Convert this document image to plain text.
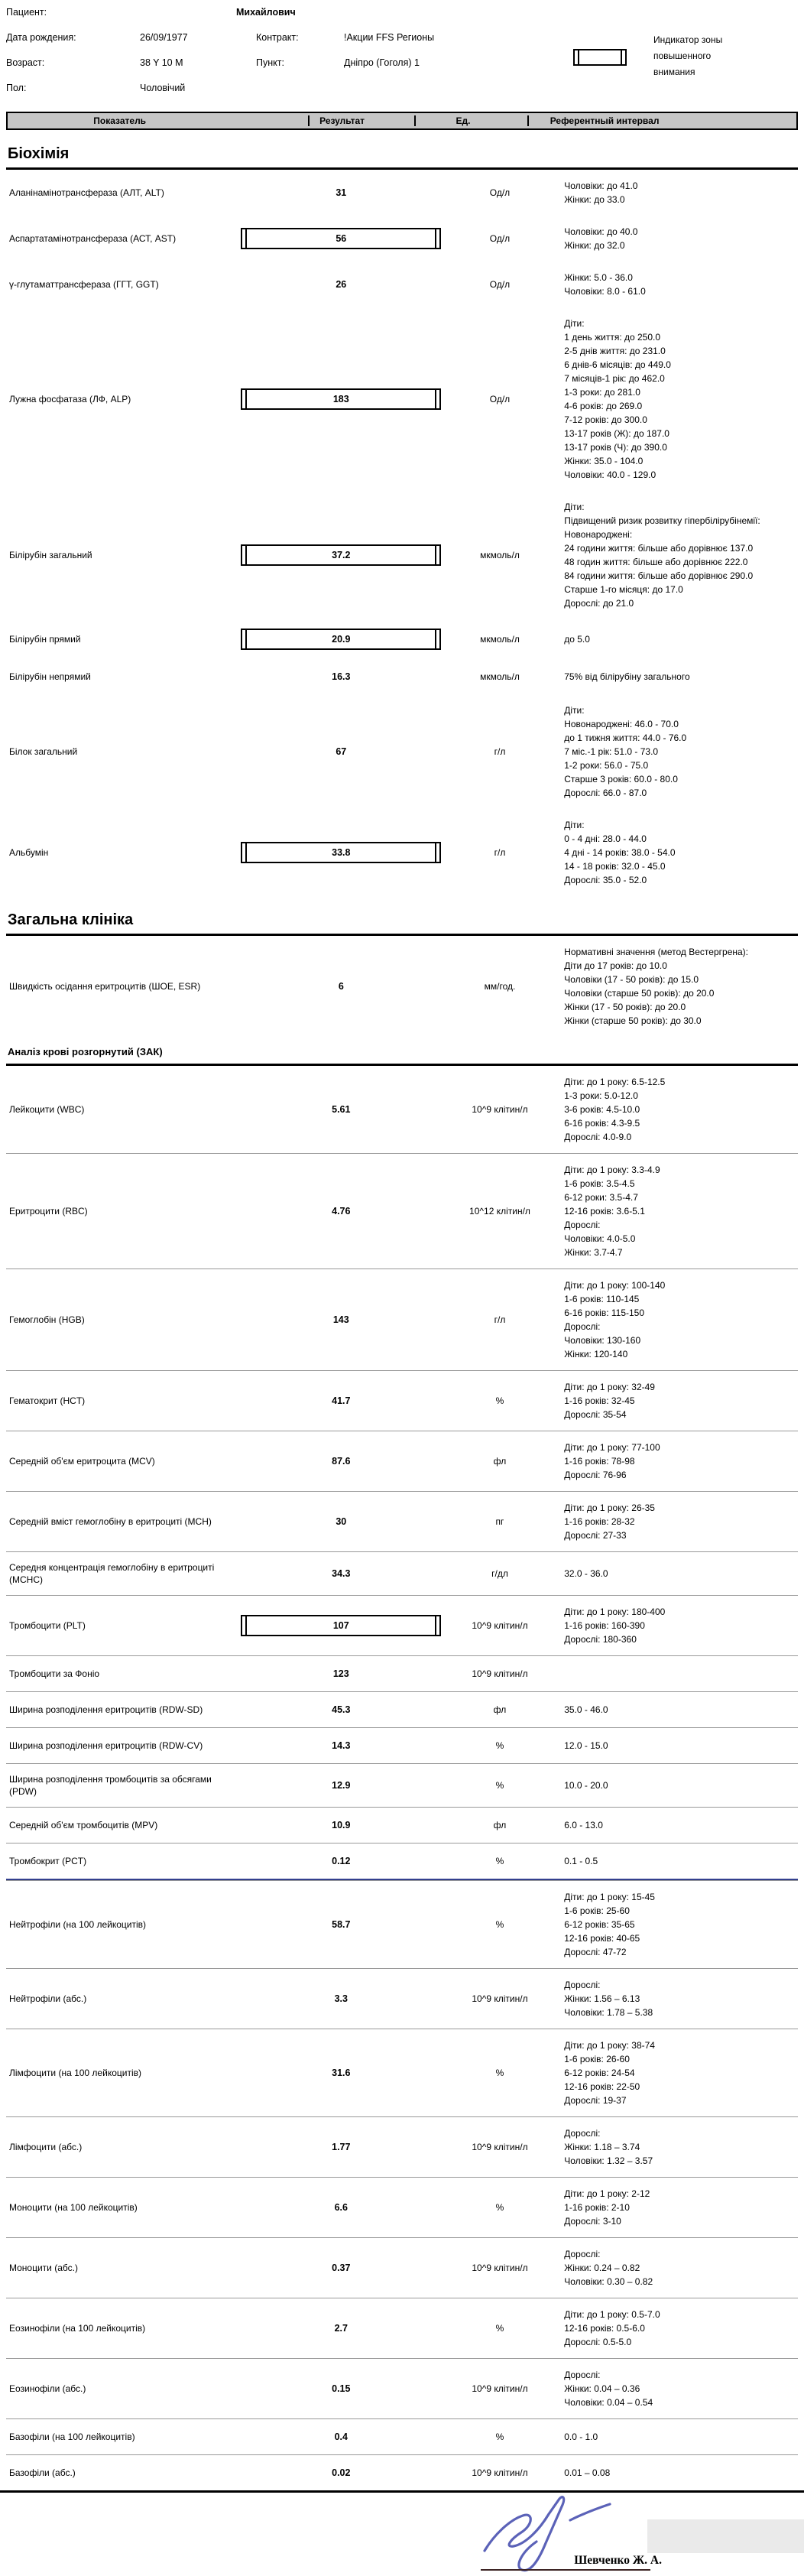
Индикатор зоны
повышенного
внимания
Пациент:	Михайлович
Дата рождения:	26/09/1977	Контракт:	!Акции FFS Регионы
Возраст:	38 Y 10 M	Пункт:	Дніпро (Гоголя) 1
Пол:	Чоловічий
Показатель	Результат	Ед.	Референтный интервал
Біохімія
Аланінамінотрансфераза (АЛТ, ALT)	31	Од/л
Чоловіки: до 41.0
Жінки: до 33.0
Аспартатамінотрансфераза (АСТ, AST)	56	Од/л
Чоловіки: до 40.0
Жінки: до 32.0
γ-глутаматтрансфераза (ГГТ, GGT)	26	Од/л
Жінки: 5.0 - 36.0
Чоловіки: 8.0 - 61.0
Лужна фосфатаза (ЛФ, ALP)	183	Од/л
Діти:
1 день життя: до 250.0
2-5 днів життя: до 231.0
6 днів-6 місяців: до 449.0
7 місяців-1 рік: до 462.0
1-3 роки: до 281.0
4-6 років: до 269.0
7-12 років: до 300.0
13-17 років (Ж): до 187.0
13-17 років (Ч): до 390.0
Жінки: 35.0 - 104.0
Чоловіки: 40.0 - 129.0
Білірубін загальний	37.2	мкмоль/л
Діти:
Підвищений ризик розвитку гіпербілірубінемії:
Новонароджені:
24 години життя: більше або дорівнює 137.0
48 годин життя: більше або дорівнює 222.0
84 години життя: більше або дорівнює 290.0
Старше 1-го місяця: до 17.0
Дорослі: до 21.0
Білірубін прямий	20.9	мкмоль/л	до 5.0
Білірубін непрямий	16.3	мкмоль/л	75% від білірубіну загального
Білок загальний	67	г/л
Діти:
Новонароджені: 46.0 - 70.0
до 1 тижня життя: 44.0 - 76.0
7 міс.-1 рік: 51.0 - 73.0
1-2 роки: 56.0 - 75.0
Старше 3 років: 60.0 - 80.0
Дорослі: 66.0 - 87.0
Альбумін	33.8	г/л
Діти:
0 - 4 дні: 28.0 - 44.0
4 дні - 14 років: 38.0 - 54.0
14 - 18 років: 32.0 - 45.0
Дорослі: 35.0 - 52.0
Загальна клініка
Швидкість осідання еритроцитів (ШОЕ, ESR)	6	мм/год.
Нормативні значення (метод Вестергрена):
Діти до 17 років: до 10.0
Чоловіки (17 - 50 років): до 15.0
Чоловіки (старше 50 років): до 20.0
Жінки (17 - 50 років): до 20.0
Жінки (старше 50 років): до 30.0
Аналіз крові розгорнутий (ЗАК)
Лейкоцити (WBC)	5.61	10^9 клітин/л
Діти: до 1 року: 6.5-12.5
1-3 роки: 5.0-12.0
3-6 років: 4.5-10.0
6-16 років: 4.3-9.5
Дорослі: 4.0-9.0
Еритроцити (RBC)	4.76	10^12 клітин/л
Діти: до 1 року: 3.3-4.9
1-6 років: 3.5-4.5
6-12 роки: 3.5-4.7
12-16 років: 3.6-5.1
Дорослі:
Чоловіки: 4.0-5.0
Жінки: 3.7-4.7
Гемоглобін (HGB)	143	г/л
Діти: до 1 року: 100-140
1-6 років: 110-145
6-16 років: 115-150
Дорослі:
Чоловіки: 130-160
Жінки: 120-140
Гематокрит (HCT)	41.7	%
Діти: до 1 року: 32-49
1-16 років: 32-45
Дорослі: 35-54
Середній об'єм еритроцита (MCV)	87.6	фл
Діти: до 1 року: 77-100
1-16 років: 78-98
Дорослі: 76-96
Середній вміст гемоглобіну в еритроциті (MCH)	30	пг
Діти: до 1 року: 26-35
1-16 років: 28-32
Дорослі: 27-33
Середня концентрація гемоглобіну в еритроциті (MCHC)
34.3	г/дл	32.0 - 36.0
Тромбоцити (PLT)	107	10^9 клітин/л
Діти: до 1 року: 180-400
1-16 років: 160-390
Дорослі: 180-360
Тромбоцити за Фоніо	123	10^9 клітин/л
Ширина розподілення еритроцитів (RDW-SD)	45.3	фл	35.0 - 46.0
Ширина розподілення еритроцитів (RDW-CV)	14.3	%	12.0 - 15.0
Ширина розподілення тромбоцитів за обсягами (PDW)
12.9	%	10.0 - 20.0
Середній об'єм тромбоцитів (MPV)	10.9	фл	6.0 - 13.0
Тромбокрит (PCT)	0.12	%	0.1 - 0.5
Нейтрофіли (на 100 лейкоцитів)	58.7	%
Діти: до 1 року: 15-45
1-6 років: 25-60
6-12 років: 35-65
12-16 років: 40-65
Дорослі: 47-72
Нейтрофіли (абс.)	3.3	10^9 клітин/л
Дорослі:
Жінки: 1.56 – 6.13
Чоловіки: 1.78 – 5.38
Лімфоцити (на 100 лейкоцитів)	31.6	%
Діти: до 1 року: 38-74
1-6 років: 26-60
6-12 років: 24-54
12-16 років: 22-50
Дорослі: 19-37
Лімфоцити (абс.)	1.77	10^9 клітин/л
Дорослі:
Жінки: 1.18 – 3.74
Чоловіки: 1.32 – 3.57
Моноцити (на 100 лейкоцитів)	6.6	%
Діти: до 1 року: 2-12
1-16 років: 2-10
Дорослі: 3-10
Моноцити (абс.)	0.37	10^9 клітин/л
Дорослі:
Жінки: 0.24 – 0.82
Чоловіки: 0.30 – 0.82
Еозинофіли (на 100 лейкоцитів)	2.7	%
Діти: до 1 року: 0.5-7.0
12-16 років: 0.5-6.0
Дорослі: 0.5-5.0
Еозинофіли (абс.)	0.15	10^9 клітин/л
Дорослі:
Жінки: 0.04 – 0.36
Чоловіки: 0.04 – 0.54
Базофіли (на 100 лейкоцитів)	0.4	%	0.0 - 1.0
Базофіли (абс.)	0.02	10^9 клітин/л	0.01 – 0.08
Шевченко Ж. А.
